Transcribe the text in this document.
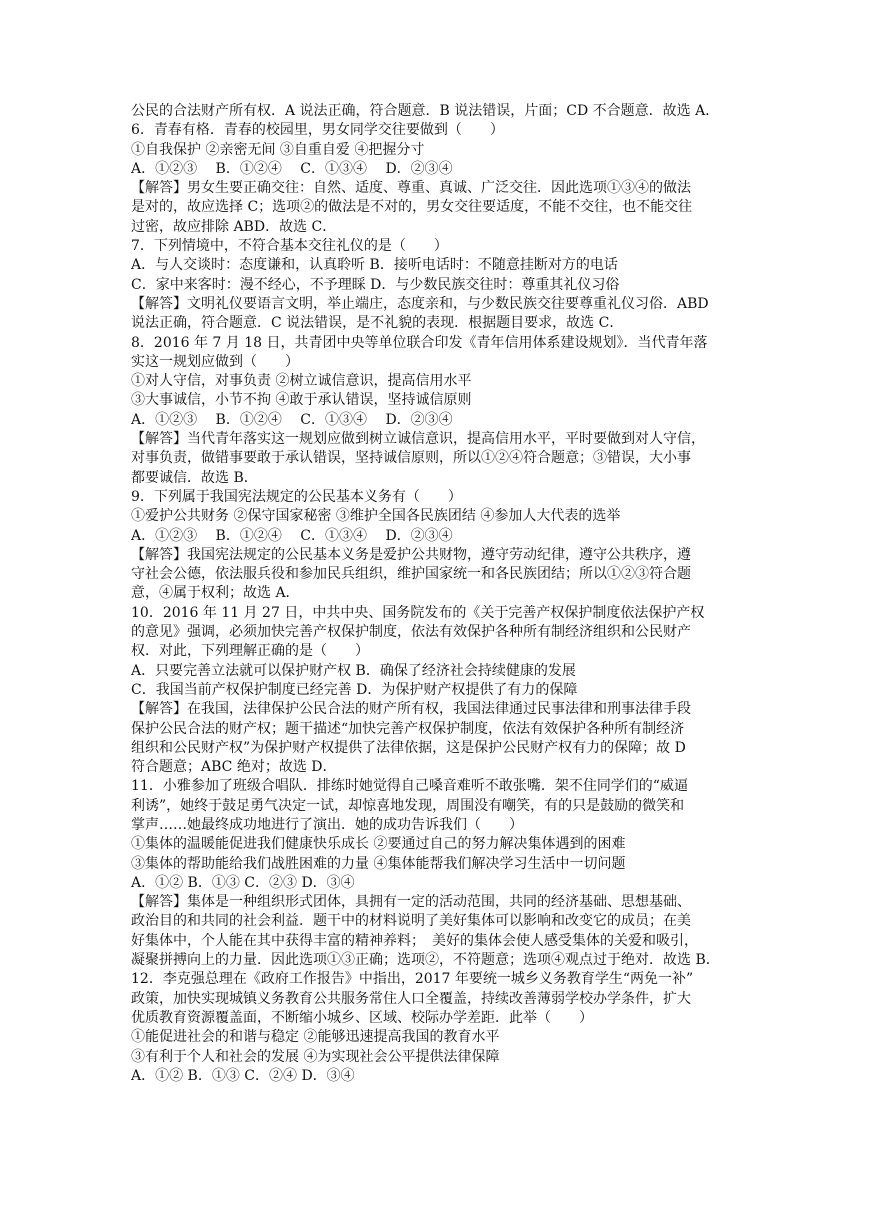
公民的合法财产所有权．A 说法正确，符合题意．B 说法错误，片面；CD 不合题意．故选 A．
6．青春有格．青春的校园里，男女同学交往要做到（　　）
①自我保护 ②亲密无间 ③自重自爱 ④把握分寸
A．①②③　 B．①②④　 C．①③④　 D．②③④
【解答】男女生要正确交往：自然、适度、尊重、真诚、广泛交往．因此选项①③④的做法
是对的，故应选择 C；选项②的做法是不对的，男女交往要适度，不能不交往，也不能交往
过密，故应排除 ABD．故选 C．
7．下列情境中，不符合基本交往礼仪的是（　　）
A．与人交谈时：态度谦和，认真聆听 B．接听电话时：不随意挂断对方的电话
C．家中来客时：漫不经心，不予理睬 D．与少数民族交往时：尊重其礼仪习俗
【解答】文明礼仪要语言文明，举止端庄，态度亲和，与少数民族交往要尊重礼仪习俗．ABD
说法正确，符合题意．C 说法错误，是不礼貌的表现．根据题目要求，故选 C．
8．2016 年 7 月 18 日，共青团中央等单位联合印发《青年信用体系建设规划》．当代青年落
实这一规划应做到（　　）
①对人守信，对事负责 ②树立诚信意识，提高信用水平
③大事诚信，小节不拘 ④敢于承认错误，坚持诚信原则
A．①②③　 B．①②④　 C．①③④　 D．②③④
【解答】当代青年落实这一规划应做到树立诚信意识，提高信用水平，平时要做到对人守信，
对事负责，做错事要敢于承认错误，坚持诚信原则，所以①②④符合题意；③错误，大小事
都要诚信．故选 B．
9．下列属于我国宪法规定的公民基本义务有（　　）
①爱护公共财务 ②保守国家秘密 ③维护全国各民族团结 ④参加人大代表的选举
A．①②③　 B．①②④　 C．①③④　 D．②③④
【解答】我国宪法规定的公民基本义务是爱护公共财物，遵守劳动纪律，遵守公共秩序，遵
守社会公德，依法服兵役和参加民兵组织，维护国家统一和各民族团结；所以①②③符合题
意，④属于权利；故选 A．
10．2016 年 11 月 27 日，中共中央、国务院发布的《关于完善产权保护制度依法保护产权
的意见》强调，必须加快完善产权保护制度，依法有效保护各种所有制经济组织和公民财产
权．对此，下列理解正确的是（　　）
A．只要完善立法就可以保护财产权 B．确保了经济社会持续健康的发展
C．我国当前产权保护制度已经完善 D．为保护财产权提供了有力的保障
【解答】在我国，法律保护公民合法的财产所有权，我国法律通过民事法律和刑事法律手段
保护公民合法的财产权；题干描述“加快完善产权保护制度，依法有效保护各种所有制经济
组织和公民财产权”为保护财产权提供了法律依据，这是保护公民财产权有力的保障；故 D
符合题意；ABC 绝对；故选 D．
11．小雅参加了班级合唱队．排练时她觉得自己嗓音难听不敢张嘴．架不住同学们的“威逼
利诱”，她终于鼓足勇气决定一试，却惊喜地发现，周围没有嘲笑，有的只是鼓励的微笑和
掌声……她最终成功地进行了演出．她的成功告诉我们（　　）
①集体的温暖能促进我们健康快乐成长 ②要通过自己的努力解决集体遇到的困难
③集体的帮助能给我们战胜困难的力量 ④集体能帮我们解决学习生活中一切问题
A．①② B．①③ C．②③ D．③④
【解答】集体是一种组织形式团体，具拥有一定的活动范围，共同的经济基础、思想基础、
政治目的和共同的社会利益．题干中的材料说明了美好集体可以影响和改变它的成员；在美
好集体中，个人能在其中获得丰富的精神养料；　美好的集体会使人感受集体的关爱和吸引，
凝聚拼搏向上的力量．因此选项①③正确；选项②，不符题意；选项④观点过于绝对．故选 B．
12．李克强总理在《政府工作报告》中指出，2017 年要统一城乡义务教育学生“两免一补”
政策，加快实现城镇义务教育公共服务常住人口全覆盖，持续改善薄弱学校办学条件，扩大
优质教育资源覆盖面，不断缩小城乡、区域、校际办学差距．此举（　　）
①能促进社会的和谐与稳定 ②能够迅速提高我国的教育水平
③有利于个人和社会的发展 ④为实现社会公平提供法律保障
A．①② B．①③ C．②④ D．③④
